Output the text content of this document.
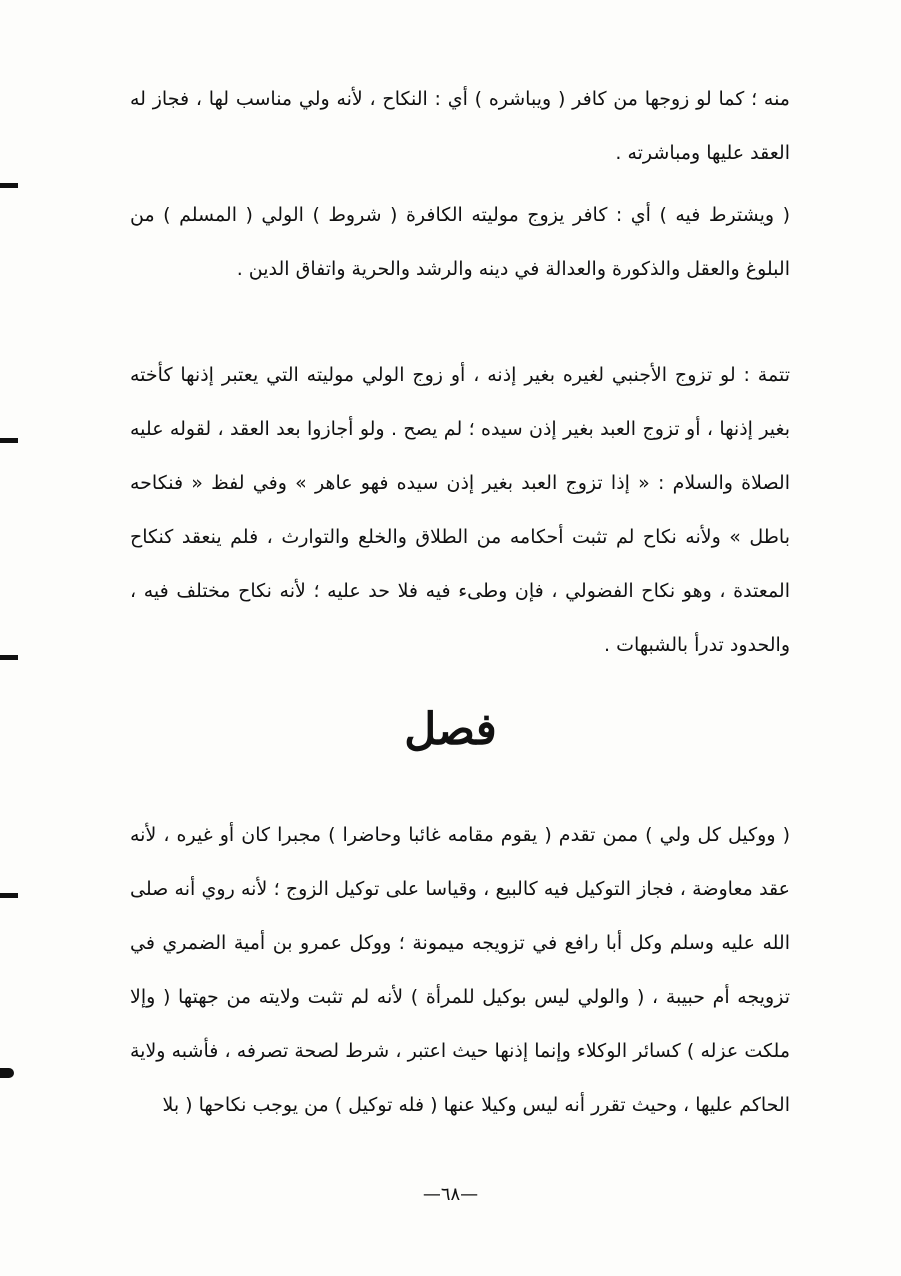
منه ؛ كما لو زوجها من كافر ( ويباشره ) أي : النكاح ، لأنه ولي مناسب لها ، فجاز له العقد عليها ومباشرته .

( ويشترط فيه ) أي : كافر يزوج موليته الكافرة ( شروط ) الولي ( المسلم ) من البلوغ والعقل والذكورة والعدالة في دينه والرشد والحرية واتفاق الدين .

تتمة : لو تزوج الأجنبي لغيره بغير إذنه ، أو زوج الولي موليته التي يعتبر إذنها كأخته بغير إذنها ، أو تزوج العبد بغير إذن سيده ؛ لم يصح . ولو أجازوا بعد العقد ، لقوله عليه الصلاة والسلام : « إذا تزوج العبد بغير إذن سيده فهو عاهر » وفي لفظ « فنكاحه باطل » ولأنه نكاح لم تثبت أحكامه من الطلاق والخلع والتوارث ، فلم ينعقد كنكاح المعتدة ، وهو نكاح الفضولي ، فإن وطىء فيه فلا حد عليه ؛ لأنه نكاح مختلف فيه ، والحدود تدرأ بالشبهات .

فصل

( ووكيل كل ولي ) ممن تقدم ( يقوم مقامه غائبا وحاضرا ) مجبرا كان أو غيره ، لأنه عقد معاوضة ، فجاز التوكيل فيه كالبيع ، وقياسا على توكيل الزوج ؛ لأنه روي أنه صلى الله عليه وسلم وكل أبا رافع في تزويجه ميمونة ؛ ووكل عمرو بن أمية الضمري في تزويجه أم حبيبة ، ( والولي ليس بوكيل للمرأة ) لأنه لم تثبت ولايته من جهتها ( وإلا ملكت عزله ) كسائر الوكلاء وإنما إذنها حيث اعتبر ، شرط لصحة تصرفه ، فأشبه ولاية الحاكم عليها ، وحيث تقرر أنه ليس وكيلا عنها ( فله توكيل ) من يوجب نكاحها ( بلا

—٦٨—
